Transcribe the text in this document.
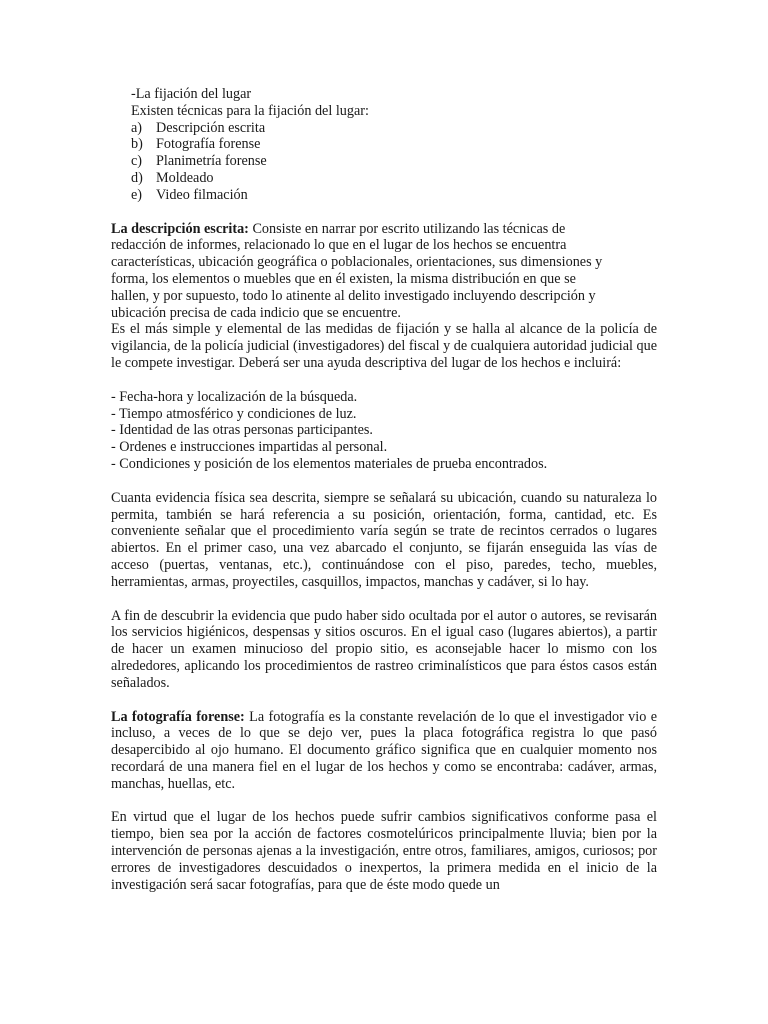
-La fijación del lugar

Existen técnicas para la fijación del lugar:

a) Descripción escrita
b) Fotografía forense
c) Planimetría forense
d) Moldeado
e) Video filmación

La descripción escrita: Consiste en narrar por escrito utilizando las técnicas de
redacción de informes, relacionado lo que en el lugar de los hechos se encuentra
características, ubicación geográfica o poblacionales, orientaciones, sus dimensiones y
forma, los elementos o muebles que en él existen, la misma distribución en que se
hallen, y por supuesto, todo lo atinente al delito investigado incluyendo descripción y
ubicación precisa de cada indicio que se encuentre.

Es el más simple y elemental de las medidas de fijación y se halla al alcance de la policía de vigilancia, de la policía judicial (investigadores) del fiscal y de cualquiera autoridad judicial que le compete investigar. Deberá ser una ayuda descriptiva del lugar de los hechos e incluirá:

- Fecha-hora y localización de la búsqueda.
- Tiempo atmosférico y condiciones de luz.
- Identidad de las otras personas participantes.
- Ordenes e instrucciones impartidas al personal.
- Condiciones y posición de los elementos materiales de prueba encontrados.

Cuanta evidencia física sea descrita, siempre se señalará su ubicación, cuando su naturaleza lo permita, también se hará referencia a su posición, orientación, forma, cantidad, etc. Es conveniente señalar que el procedimiento varía según se trate de recintos cerrados o lugares abiertos. En el primer caso, una vez abarcado el conjunto, se fijarán enseguida las vías de acceso (puertas, ventanas, etc.), continuándose con el piso, paredes, techo, muebles, herramientas, armas, proyectiles, casquillos, impactos, manchas y cadáver, si lo hay.

A fin de descubrir la evidencia que pudo haber sido ocultada por el autor o autores, se revisarán los servicios higiénicos, despensas y sitios oscuros. En el igual caso (lugares abiertos), a partir de hacer un examen minucioso del propio sitio, es aconsejable hacer lo mismo con los alrededores, aplicando los procedimientos de rastreo criminalísticos que para éstos casos están señalados.

La fotografía forense: La fotografía es la constante revelación de lo que el investigador vio e incluso, a veces de lo que se dejo ver, pues la placa fotográfica registra lo que pasó desapercibido al ojo humano. El documento gráfico significa que en cualquier momento nos recordará de una manera fiel en el lugar de los hechos y como se encontraba: cadáver, armas, manchas, huellas, etc.

En virtud que el lugar de los hechos puede sufrir cambios significativos conforme pasa el tiempo, bien sea por la acción de factores cosmotelúricos principalmente lluvia; bien por la intervención de personas ajenas a la investigación, entre otros, familiares, amigos, curiosos; por errores de investigadores descuidados o inexpertos, la primera medida en el inicio de la investigación será sacar fotografías, para que de éste modo quede un
